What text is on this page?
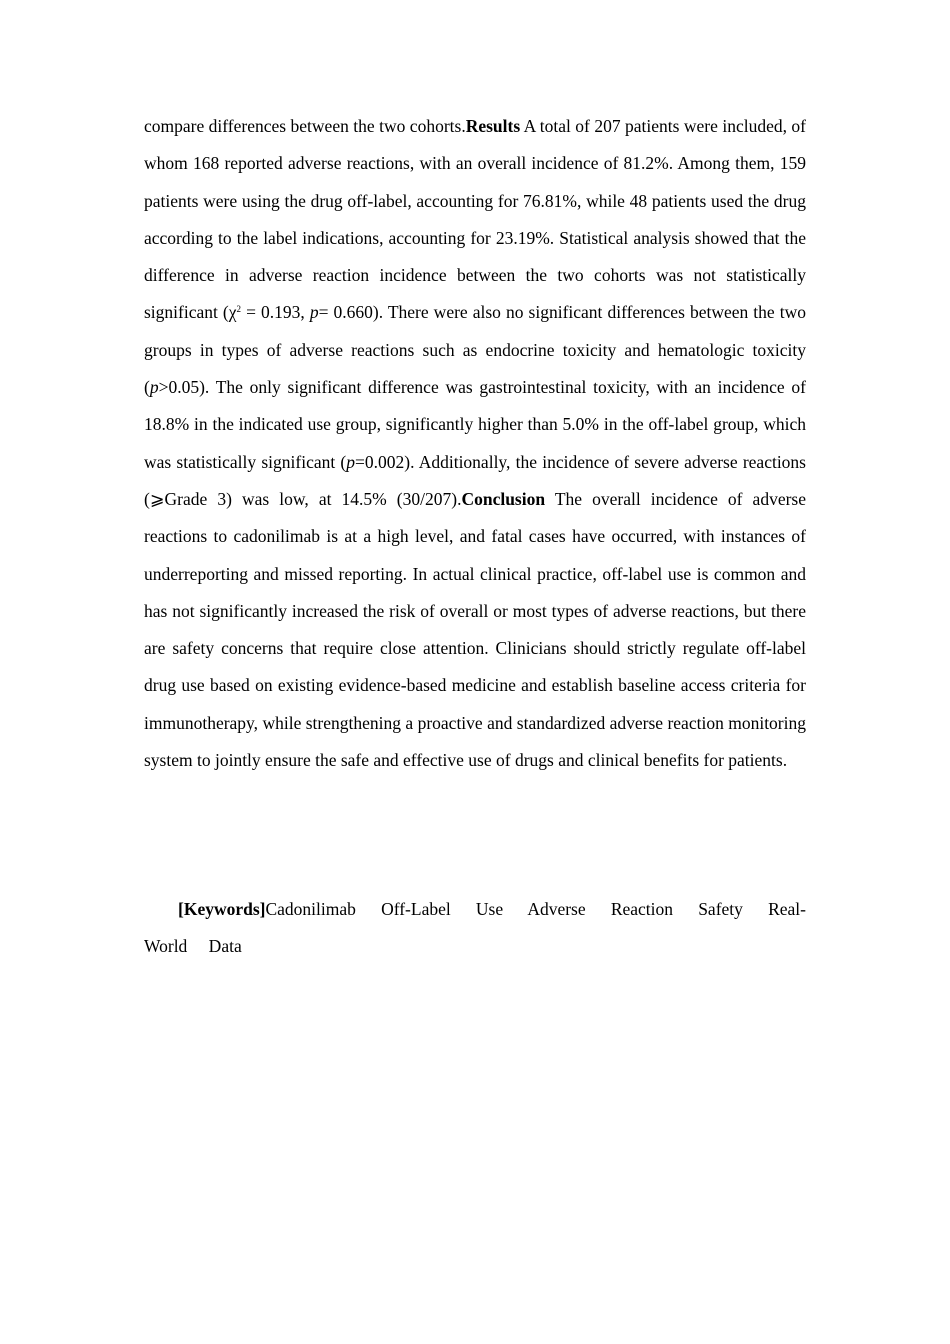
compare differences between the two cohorts.Results A total of 207 patients were included, of whom 168 reported adverse reactions, with an overall incidence of 81.2%. Among them, 159 patients were using the drug off-label, accounting for 76.81%, while 48 patients used the drug according to the label indications, accounting for 23.19%. Statistical analysis showed that the difference in adverse reaction incidence between the two cohorts was not statistically significant ($\chi^2 = 0.193$, p= 0.660). There were also no significant differences between the two groups in types of adverse reactions such as endocrine toxicity and hematologic toxicity (p>0.05). The only significant difference was gastrointestinal toxicity, with an incidence of 18.8% in the indicated use group, significantly higher than 5.0% in the off-label group, which was statistically significant (p=0.002). Additionally, the incidence of severe adverse reactions (⩾Grade 3) was low, at 14.5% (30/207).Conclusion The overall incidence of adverse reactions to cadonilimab is at a high level, and fatal cases have occurred, with instances of underreporting and missed reporting. In actual clinical practice, off-label use is common and has not significantly increased the risk of overall or most types of adverse reactions, but there are safety concerns that require close attention. Clinicians should strictly regulate off-label drug use based on existing evidence-based medicine and establish baseline access criteria for immunotherapy, while strengthening a proactive and standardized adverse reaction monitoring system to jointly ensure the safe and effective use of drugs and clinical benefits for patients.

[Keywords]Cadonilimab Off-Label Use Adverse Reaction Safety Real-World Data
